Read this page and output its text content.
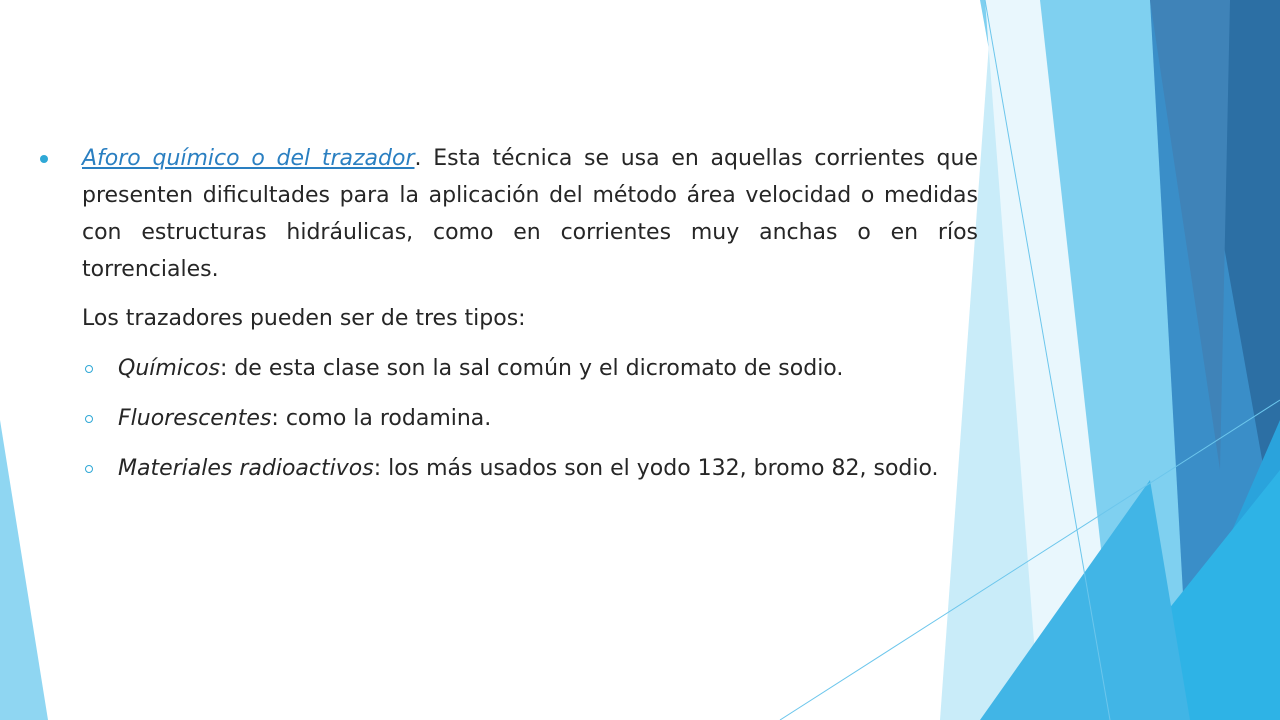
Aforo químico o del trazador. Esta técnica se usa en aquellas corrientes que presenten dificultades para la aplicación del método área velocidad o medidas con estructuras hidráulicas, como en corrientes muy anchas o en ríos torrenciales.
Los trazadores pueden ser de tres tipos:
Químicos: de esta clase son la sal común y el dicromato de sodio.
Fluorescentes: como la rodamina.
Materiales radioactivos: los más usados son el yodo 132, bromo 82, sodio.
